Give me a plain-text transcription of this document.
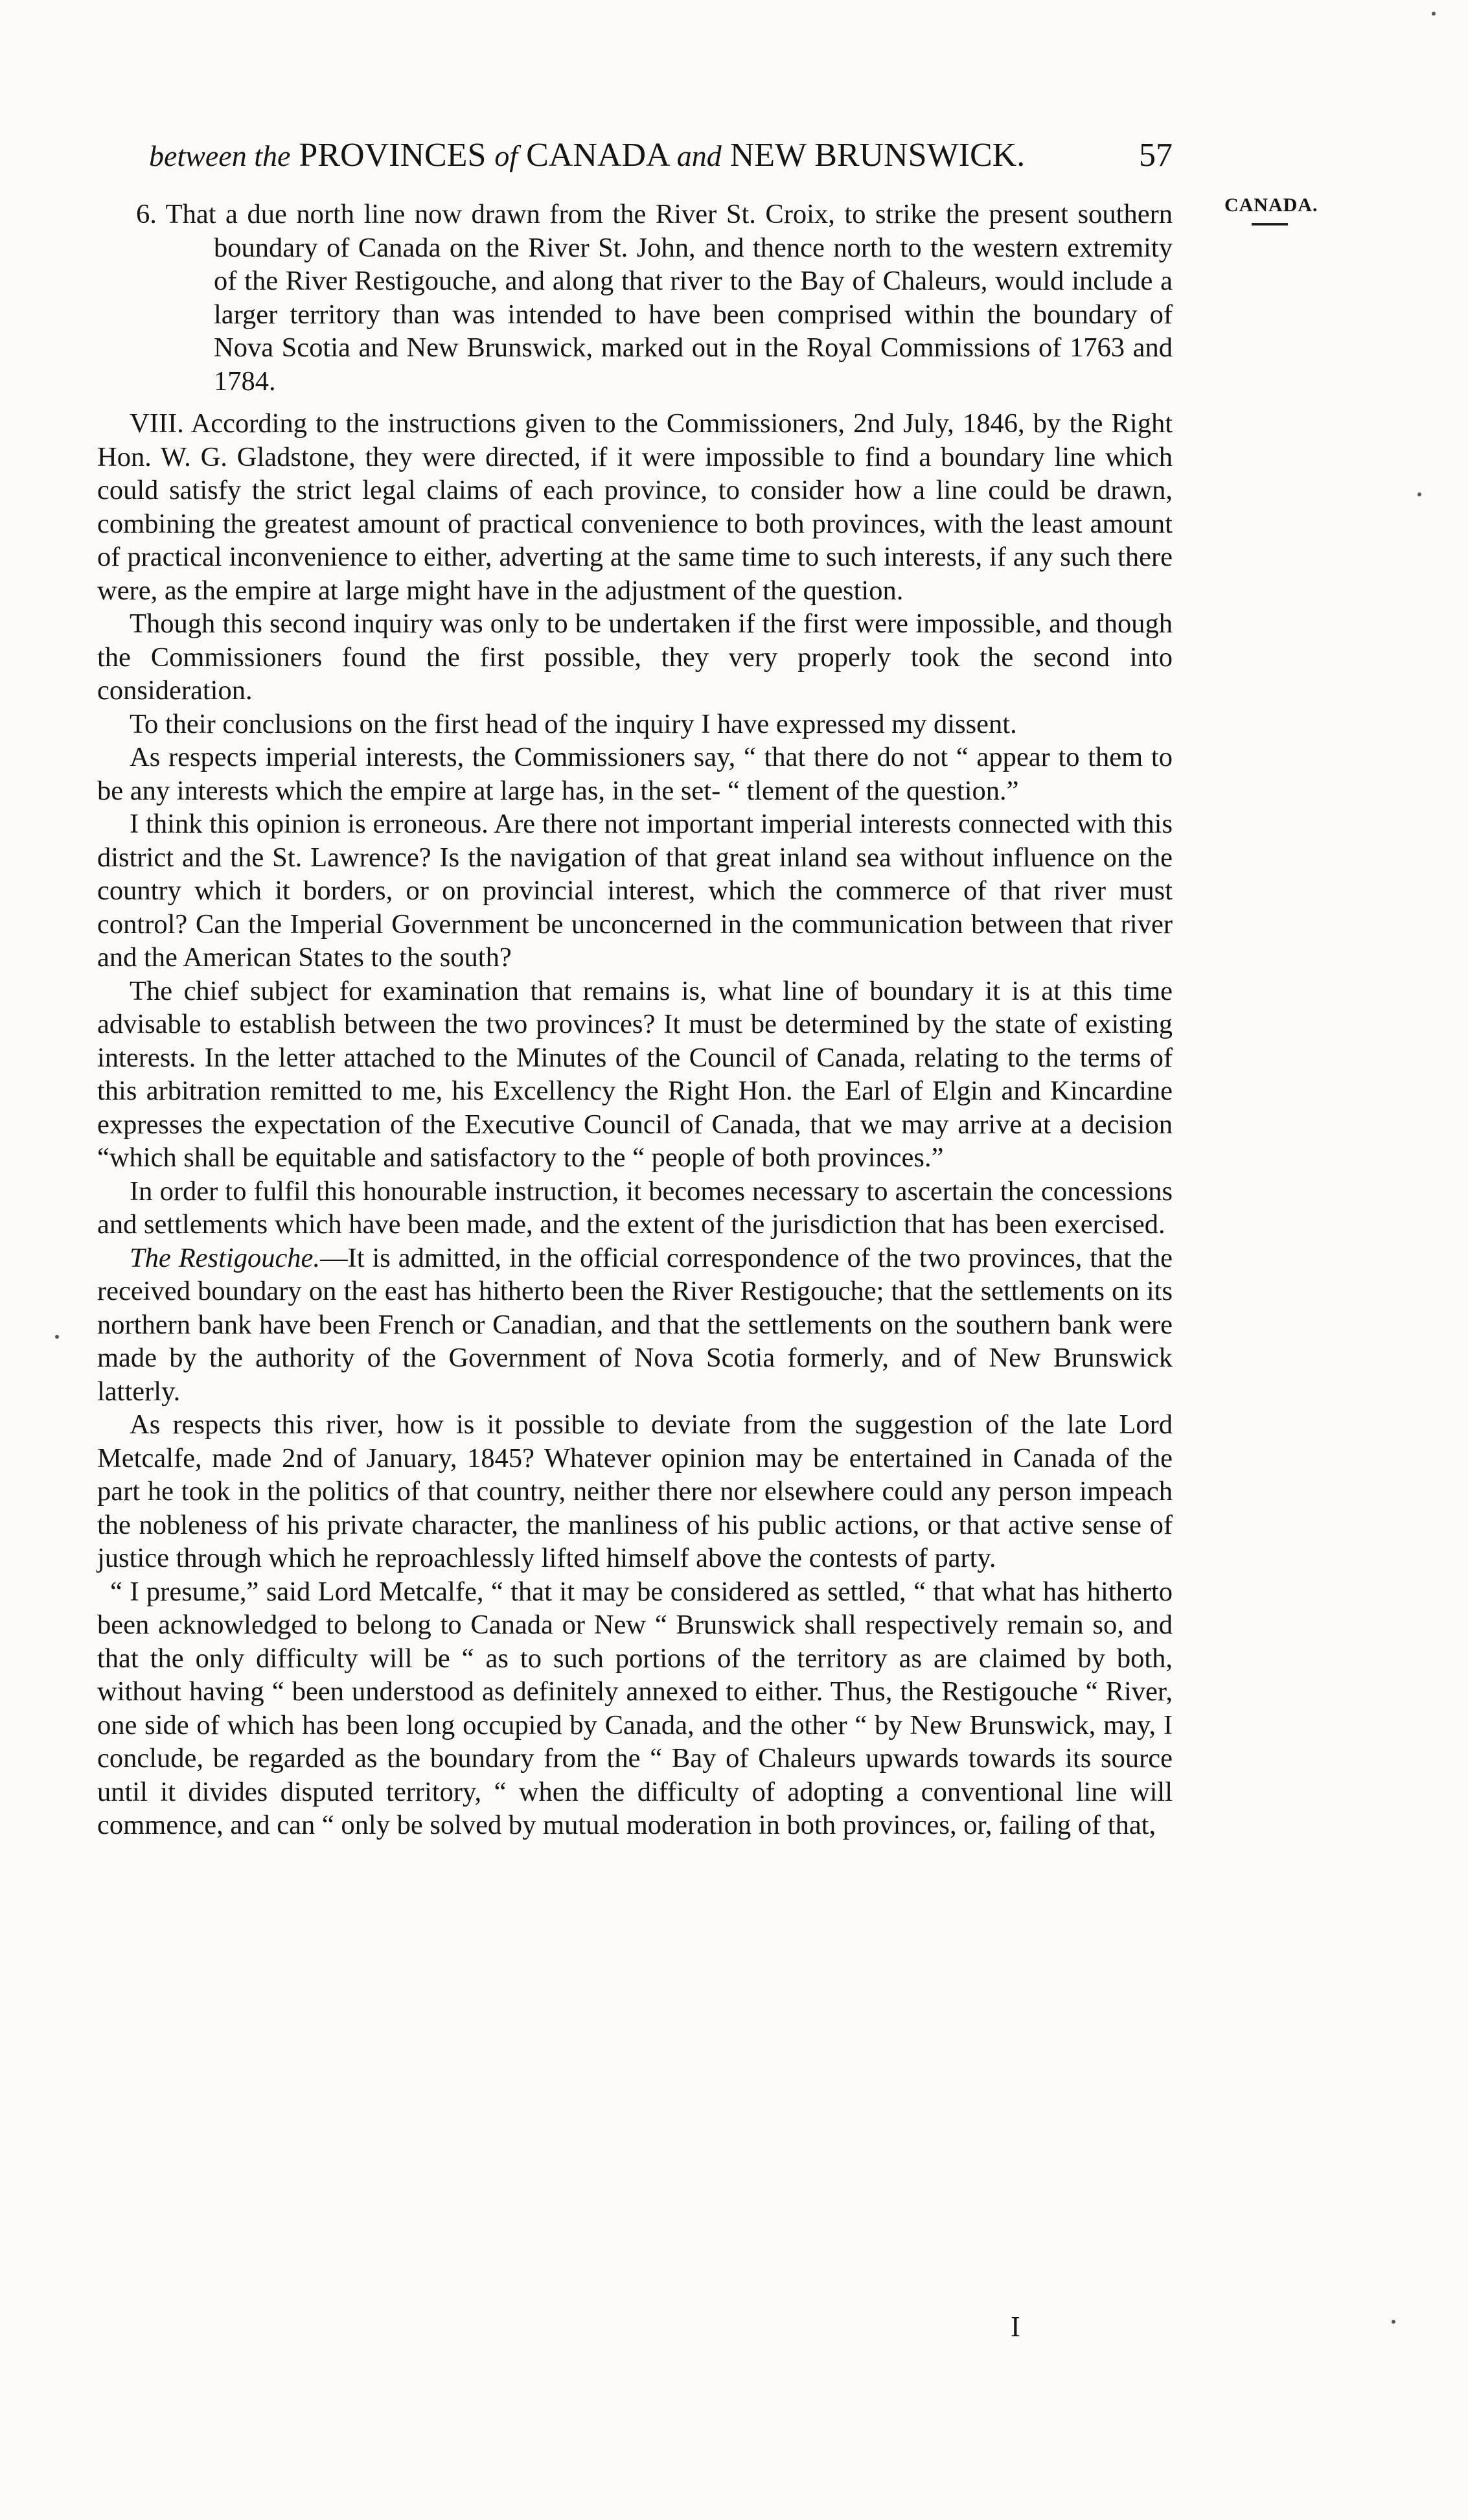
between the PROVINCES of CANADA and NEW BRUNSWICK.	57

6. That a due north line now drawn from the River St. Croix, to strike the present southern boundary of Canada on the River St. John, and thence north to the western extremity of the River Restigouche, and along that river to the Bay of Chaleurs, would include a larger territory than was intended to have been comprised within the boundary of Nova Scotia and New Brunswick, marked out in the Royal Commissions of 1763 and 1784.

VIII. According to the instructions given to the Commissioners, 2nd July, 1846, by the Right Hon. W. G. Gladstone, they were directed, if it were impossible to find a boundary line which could satisfy the strict legal claims of each province, to consider how a line could be drawn, combining the greatest amount of practical convenience to both provinces, with the least amount of practical inconvenience to either, adverting at the same time to such interests, if any such there were, as the empire at large might have in the adjustment of the question.

Though this second inquiry was only to be undertaken if the first were impossible, and though the Commissioners found the first possible, they very properly took the second into consideration.

To their conclusions on the first head of the inquiry I have expressed my dissent.

As respects imperial interests, the Commissioners say, “ that there do not “ appear to them to be any interests which the empire at large has, in the set- “ tlement of the question.”

I think this opinion is erroneous. Are there not important imperial interests connected with this district and the St. Lawrence? Is the navigation of that great inland sea without influence on the country which it borders, or on provincial interest, which the commerce of that river must control? Can the Imperial Government be unconcerned in the communication between that river and the American States to the south?

The chief subject for examination that remains is, what line of boundary it is at this time advisable to establish between the two provinces? It must be determined by the state of existing interests. In the letter attached to the Minutes of the Council of Canada, relating to the terms of this arbitration remitted to me, his Excellency the Right Hon. the Earl of Elgin and Kincardine expresses the expectation of the Executive Council of Canada, that we may arrive at a decision “which shall be equitable and satisfactory to the “ people of both provinces.”

In order to fulfil this honourable instruction, it becomes necessary to ascertain the concessions and settlements which have been made, and the extent of the jurisdiction that has been exercised.

The Restigouche.—It is admitted, in the official correspondence of the two provinces, that the received boundary on the east has hitherto been the River Restigouche; that the settlements on its northern bank have been French or Canadian, and that the settlements on the southern bank were made by the authority of the Government of Nova Scotia formerly, and of New Brunswick latterly.

As respects this river, how is it possible to deviate from the suggestion of the late Lord Metcalfe, made 2nd of January, 1845? Whatever opinion may be entertained in Canada of the part he took in the politics of that country, neither there nor elsewhere could any person impeach the nobleness of his private character, the manliness of his public actions, or that active sense of justice through which he reproachlessly lifted himself above the contests of party.

“ I presume,” said Lord Metcalfe, “ that it may be considered as settled, “ that what has hitherto been acknowledged to belong to Canada or New “ Brunswick shall respectively remain so, and that the only difficulty will be “ as to such portions of the territory as are claimed by both, without having “ been understood as definitely annexed to either. Thus, the Restigouche “ River, one side of which has been long occupied by Canada, and the other “ by New Brunswick, may, I conclude, be regarded as the boundary from the “ Bay of Chaleurs upwards towards its source until it divides disputed territory, “ when the difficulty of adopting a conventional line will commence, and can “ only be solved by mutual moderation in both provinces, or, failing of that,

I
CANADA.
